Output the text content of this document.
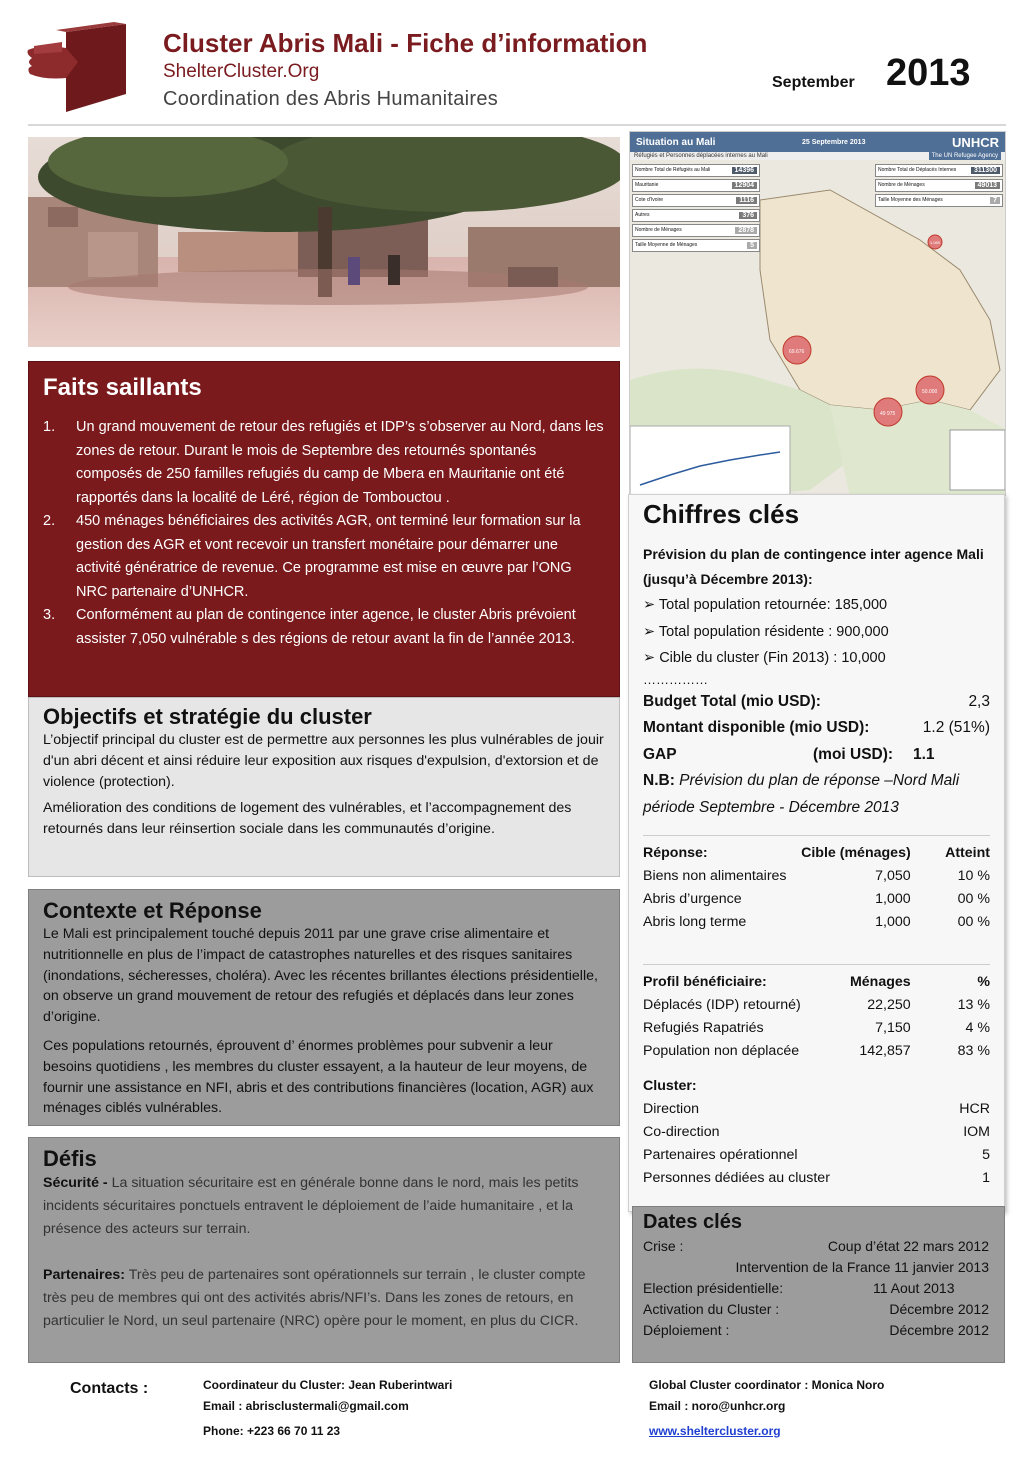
Cluster Abris Mali - Fiche d’information
ShelterCluster.Org
Coordination des Abris Humanitaires
September 2013
Situation au Mali	25 Septembre 2013	UNHCR
Réfugiés et Personnes déplacées internes au Mali	The UN Refugee Agency
69.676
49 975
50.000
1.080
Nombre Total de Réfugiés au Mali	14396
Mauritanie	12904
Cote d’Ivoire	1116
Autres	376
Nombre de Ménages	2878
Taille Moyenne de Ménages	5
Nombre Total de Déplacés Internes	311300
Nombre de Ménages	49013
Taille Moyenne des Ménages	7
Faits saillants
1.	Un grand mouvement de retour des refugiés et IDP’s s’observer au Nord, dans les zones de retour. Durant le mois de Septembre des retournés spontanés composés de 250 familles refugiés du camp de Mbera en Mauritanie ont été rapportés dans la localité de Léré, région de Tombouctou .
2.	450 ménages bénéficiaires des activités AGR, ont terminé leur formation sur la gestion des AGR et vont recevoir un transfert monétaire pour démarrer une activité génératrice de revenue. Ce programme est mise en œuvre par l’ONG NRC partenaire d’UNHCR.
3.	Conformément au plan de contingence inter agence, le cluster Abris prévoient assister 7,050 vulnérable s des régions de retour avant la fin de l’année 2013.
Objectifs et stratégie du cluster
L’objectif principal du cluster est de permettre aux personnes les plus vulnérables de jouir d'un abri décent et ainsi réduire leur exposition aux risques d'expulsion, d'extorsion et de violence (protection).
Amélioration des conditions de logement des vulnérables, et l’accompagnement des retournés dans leur réinsertion sociale dans les communautés d’origine.
Contexte et Réponse
Le Mali est principalement touché depuis 2011 par une grave crise alimentaire et nutritionnelle en plus de l’impact de catastrophes naturelles et des risques sanitaires (inondations, sécheresses, choléra). Avec les récentes brillantes élections présidentielle, on observe un grand mouvement de retour des refugiés et déplacés dans leur zones d’origine.
Ces populations retournés, éprouvent d’ énormes problèmes pour subvenir a leur besoins quotidiens , les membres du cluster essayent, a la hauteur de leur moyens, de fournir une assistance en NFI, abris et des contributions financières (location, AGR) aux ménages ciblés vulnérables.
Défis
Sécurité - La situation sécuritaire est en générale bonne dans le nord, mais les petits incidents sécuritaires ponctuels entravent le déploiement de l’aide humanitaire , et la présence des acteurs sur terrain.
Partenaires: Très peu de partenaires sont opérationnels sur terrain , le cluster compte très peu de membres qui ont des activités abris/NFI’s. Dans les zones de retours, en particulier le Nord, un seul partenaire (NRC) opère pour le moment, en plus du CICR.
Chiffres clés
Prévision du plan de contingence inter agence Mali (jusqu’à Décembre 2013):
➢ Total population retournée: 185,000
➢ Total population résidente : 900,000
➢ Cible du cluster (Fin 2013) : 10,000
……………
Budget Total (mio USD):	2,3
Montant disponible (mio USD):	1.2 (51%)
GAP	(moi USD):	1.1
N.B: Prévision du plan de réponse –Nord Mali période Septembre - Décembre 2013
Réponse:	Cible (ménages)	Atteint
Biens non alimentaires	7,050	10 %
Abris d’urgence	1,000	00 %
Abris long terme	1,000	00 %
Profil bénéficiaire:	Ménages	%
Déplacés (IDP) retourné)	22,250	13 %
Refugiés Rapatriés	7,150	4 %
Population non déplacée	142,857	83 %
Cluster:
Direction	HCR
Co-direction	IOM
Partenaires opérationnel	5
Personnes dédiées au cluster	1
Dates clés
Crise :	Coup d’état 22 mars 2012
Intervention de la France 11 janvier 2013
Election présidentielle:	11 Aout 2013
Activation du Cluster :	Décembre 2012
Déploiement :	Décembre 2012
Contacts :	Coordinateur du Cluster: Jean Ruberintwari
Email : abrisclustermali@gmail.com
Phone: +223 66 70 11 23
Global Cluster coordinator : Monica Noro
Email : noro@unhcr.org
www.sheltercluster.org
